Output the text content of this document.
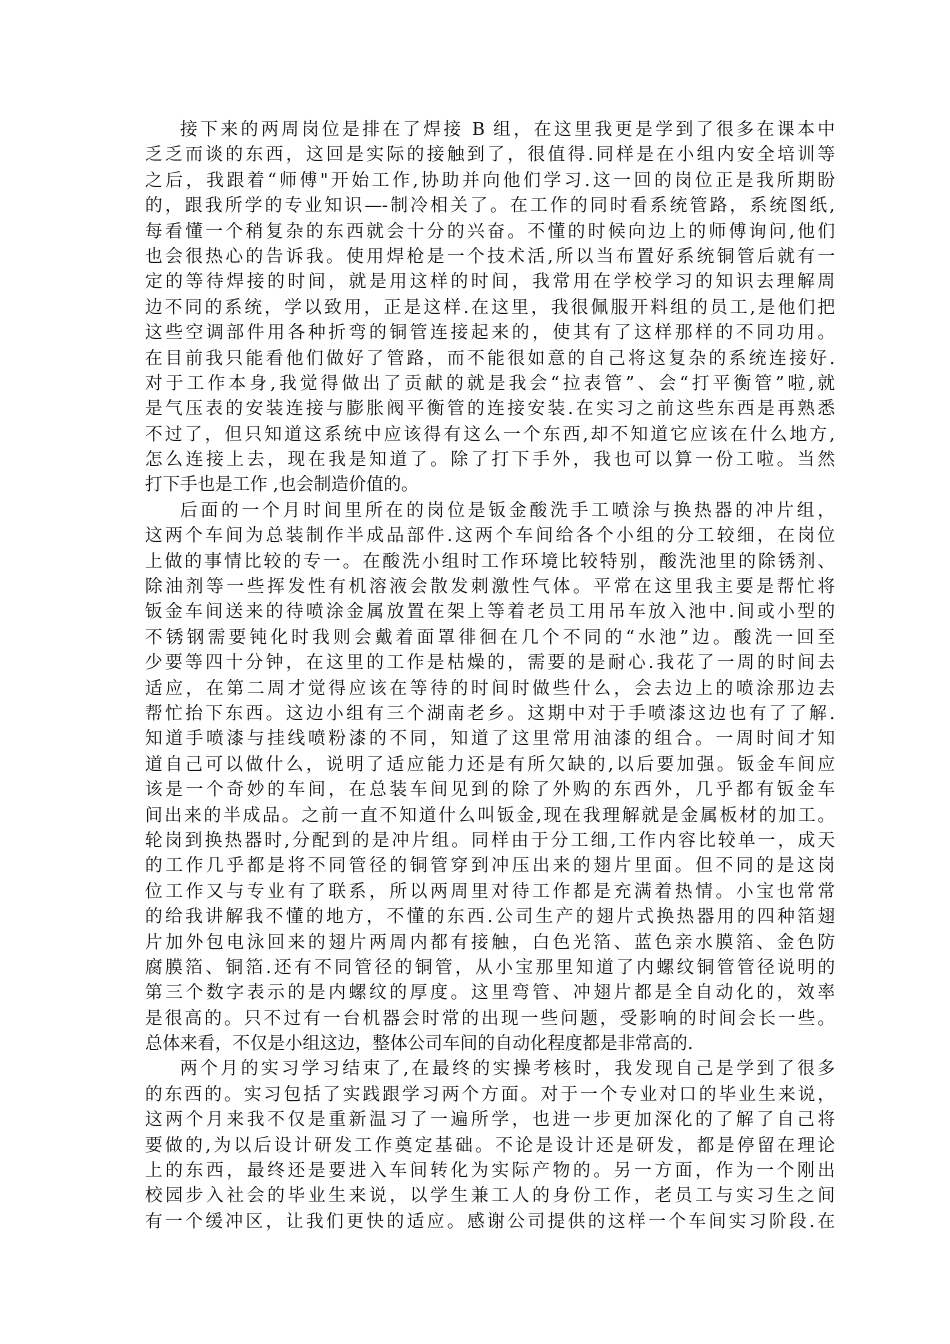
接下来的两周岗位是排在了焊接 B 组，在这里我更是学到了很多在课本中
乏乏而谈的东西，这回是实际的接触到了，很值得.同样是在小组内安全培训等
之后，我跟着“师傅"开始工作,协助并向他们学习.这一回的岗位正是我所期盼
的，跟我所学的专业知识—-制冷相关了。在工作的同时看系统管路，系统图纸,
每看懂一个稍复杂的东西就会十分的兴奋。不懂的时候向边上的师傅询问,他们
也会很热心的告诉我。使用焊枪是一个技术活,所以当布置好系统铜管后就有一
定的等待焊接的时间，就是用这样的时间，我常用在学校学习的知识去理解周
边不同的系统，学以致用，正是这样.在这里，我很佩服开料组的员工,是他们把
这些空调部件用各种折弯的铜管连接起来的，使其有了这样那样的不同功用。
在目前我只能看他们做好了管路，而不能很如意的自己将这复杂的系统连接好.
对于工作本身,我觉得做出了贡献的就是我会“拉表管”、会“打平衡管”啦,就
是气压表的安装连接与膨胀阀平衡管的连接安装.在实习之前这些东西是再熟悉
不过了，但只知道这系统中应该得有这么一个东西,却不知道它应该在什么地方,
怎么连接上去，现在我是知道了。除了打下手外，我也可以算一份工啦。当然
打下手也是工作 ,也会制造价值的。
后面的一个月时间里所在的岗位是钣金酸洗手工喷涂与换热器的冲片组，
这两个车间为总装制作半成品部件.这两个车间给各个小组的分工较细，在岗位
上做的事情比较的专一。在酸洗小组时工作环境比较特别，酸洗池里的除锈剂、
除油剂等一些挥发性有机溶液会散发刺激性气体。平常在这里我主要是帮忙将
钣金车间送来的待喷涂金属放置在架上等着老员工用吊车放入池中.间或小型的
不锈钢需要钝化时我则会戴着面罩徘徊在几个不同的“水池”边。酸洗一回至
少要等四十分钟，在这里的工作是枯燥的，需要的是耐心.我花了一周的时间去
适应，在第二周才觉得应该在等待的时间时做些什么，会去边上的喷涂那边去
帮忙抬下东西。这边小组有三个湖南老乡。这期中对于手喷漆这边也有了了解.
知道手喷漆与挂线喷粉漆的不同，知道了这里常用油漆的组合。一周时间才知
道自己可以做什么，说明了适应能力还是有所欠缺的,以后要加强。钣金车间应
该是一个奇妙的车间，在总装车间见到的除了外购的东西外，几乎都有钣金车
间出来的半成品。之前一直不知道什么叫钣金,现在我理解就是金属板材的加工。
轮岗到换热器时,分配到的是冲片组。同样由于分工细,工作内容比较单一，成天
的工作几乎都是将不同管径的铜管穿到冲压出来的翅片里面。但不同的是这岗
位工作又与专业有了联系，所以两周里对待工作都是充满着热情。小宝也常常
的给我讲解我不懂的地方，不懂的东西.公司生产的翅片式换热器用的四种箔翅
片加外包电泳回来的翅片两周内都有接触，白色光箔、蓝色亲水膜箔、金色防
腐膜箔、铜箔.还有不同管径的铜管，从小宝那里知道了内螺纹铜管管径说明的
第三个数字表示的是内螺纹的厚度。这里弯管、冲翅片都是全自动化的，效率
是很高的。只不过有一台机器会时常的出现一些问题，受影响的时间会长一些。
总体来看，不仅是小组这边，整体公司车间的自动化程度都是非常高的.
两个月的实习学习结束了,在最终的实操考核时，我发现自己是学到了很多
的东西的。实习包括了实践跟学习两个方面。对于一个专业对口的毕业生来说，
这两个月来我不仅是重新温习了一遍所学，也进一步更加深化的了解了自己将
要做的,为以后设计研发工作奠定基础。不论是设计还是研发，都是停留在理论
上的东西，最终还是要进入车间转化为实际产物的。另一方面，作为一个刚出
校园步入社会的毕业生来说，以学生兼工人的身份工作，老员工与实习生之间
有一个缓冲区，让我们更快的适应。感谢公司提供的这样一个车间实习阶段.在
